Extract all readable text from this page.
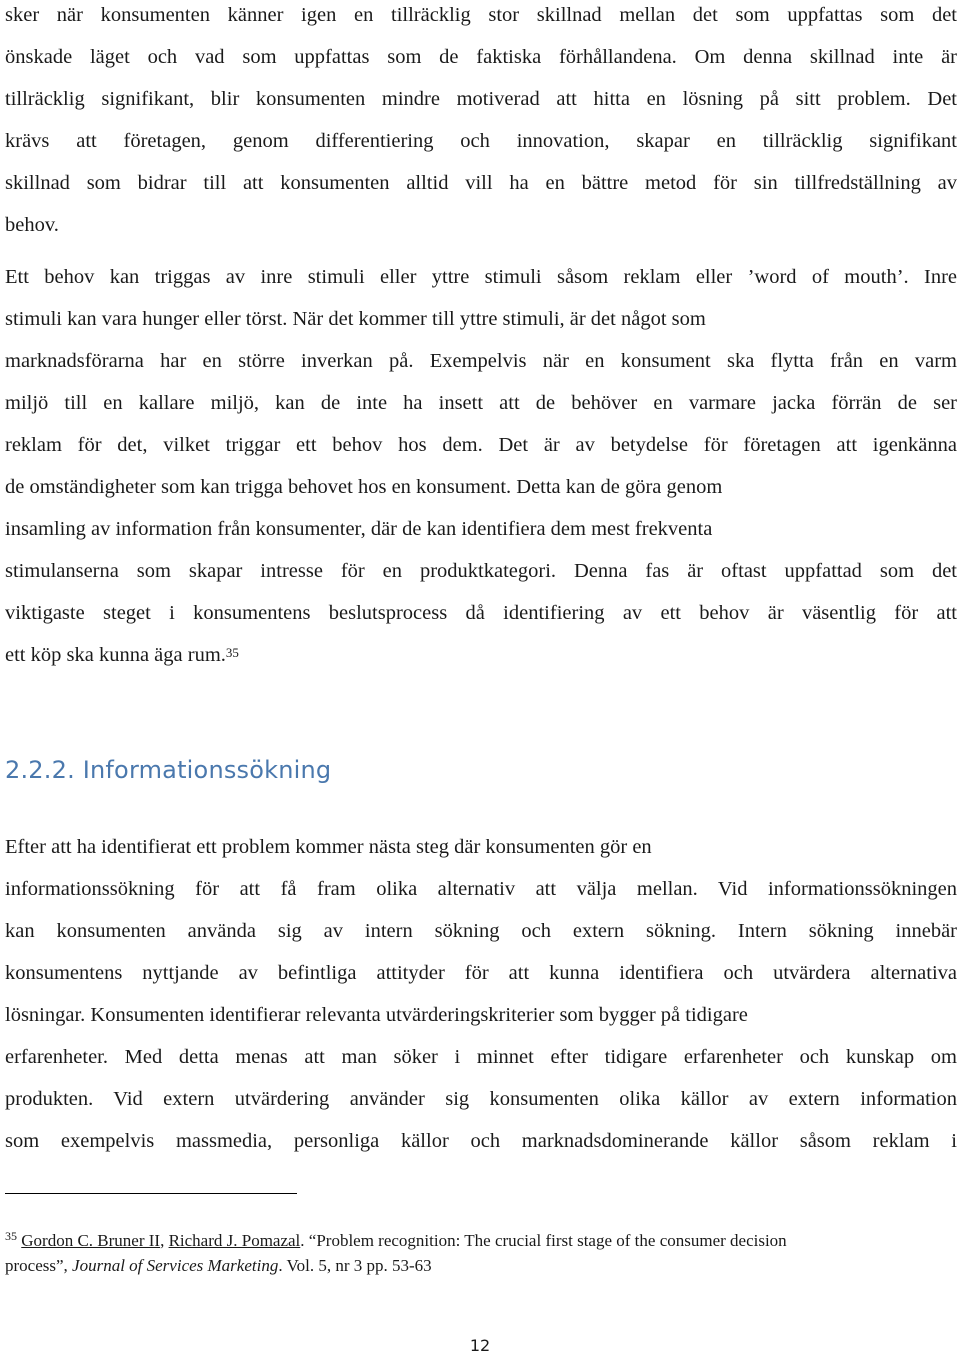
sker när konsumenten känner igen en tillräcklig stor skillnad mellan det som uppfattas som det
önskade läget och vad som uppfattas som de faktiska förhållandena. Om denna skillnad inte är
tillräcklig signifikant, blir konsumenten mindre motiverad att hitta en lösning på sitt problem. Det
krävs att företagen, genom differentiering och innovation, skapar en tillräcklig signifikant
skillnad som bidrar till att konsumenten alltid vill ha en bättre metod för sin tillfredställning av
behov.
Ett behov kan triggas av inre stimuli eller yttre stimuli såsom reklam eller ’word of mouth’. Inre
stimuli kan vara hunger eller törst. När det kommer till yttre stimuli, är det något som
marknadsförarna har en större inverkan på. Exempelvis när en konsument ska flytta från en varm
miljö till en kallare miljö, kan de inte ha insett att de behöver en varmare jacka förrän de ser
reklam för det, vilket triggar ett behov hos dem. Det är av betydelse för företagen att igenkänna
de omständigheter som kan trigga behovet hos en konsument. Detta kan de göra genom
insamling av information från konsumenter, där de kan identifiera dem mest frekventa
stimulanserna som skapar intresse för en produktkategori. Denna fas är oftast uppfattad som det
viktigaste steget i konsumentens beslutsprocess då identifiering av ett behov är väsentlig för att
ett köp ska kunna äga rum.$^{35}$
2.2.2. Informationssökning
Efter att ha identifierat ett problem kommer nästa steg där konsumenten gör en
informationssökning för att få fram olika alternativ att välja mellan. Vid informationssökningen
kan konsumenten använda sig av intern sökning och extern sökning. Intern sökning innebär
konsumentens nyttjande av befintliga attityder för att kunna identifiera och utvärdera alternativa
lösningar. Konsumenten identifierar relevanta utvärderingskriterier som bygger på tidigare
erfarenheter. Med detta menas att man söker i minnet efter tidigare erfarenheter och kunskap om
produkten. Vid extern utvärdering använder sig konsumenten olika källor av extern information
som exempelvis massmedia, personliga källor och marknadsdominerande källor såsom reklam i
$^{35}$ Gordon C. Bruner II, Richard J. Pomazal. “Problem recognition: The crucial first stage of the consumer decision
process”, Journal of Services Marketing. Vol. 5, nr 3 pp. 53-63
12
